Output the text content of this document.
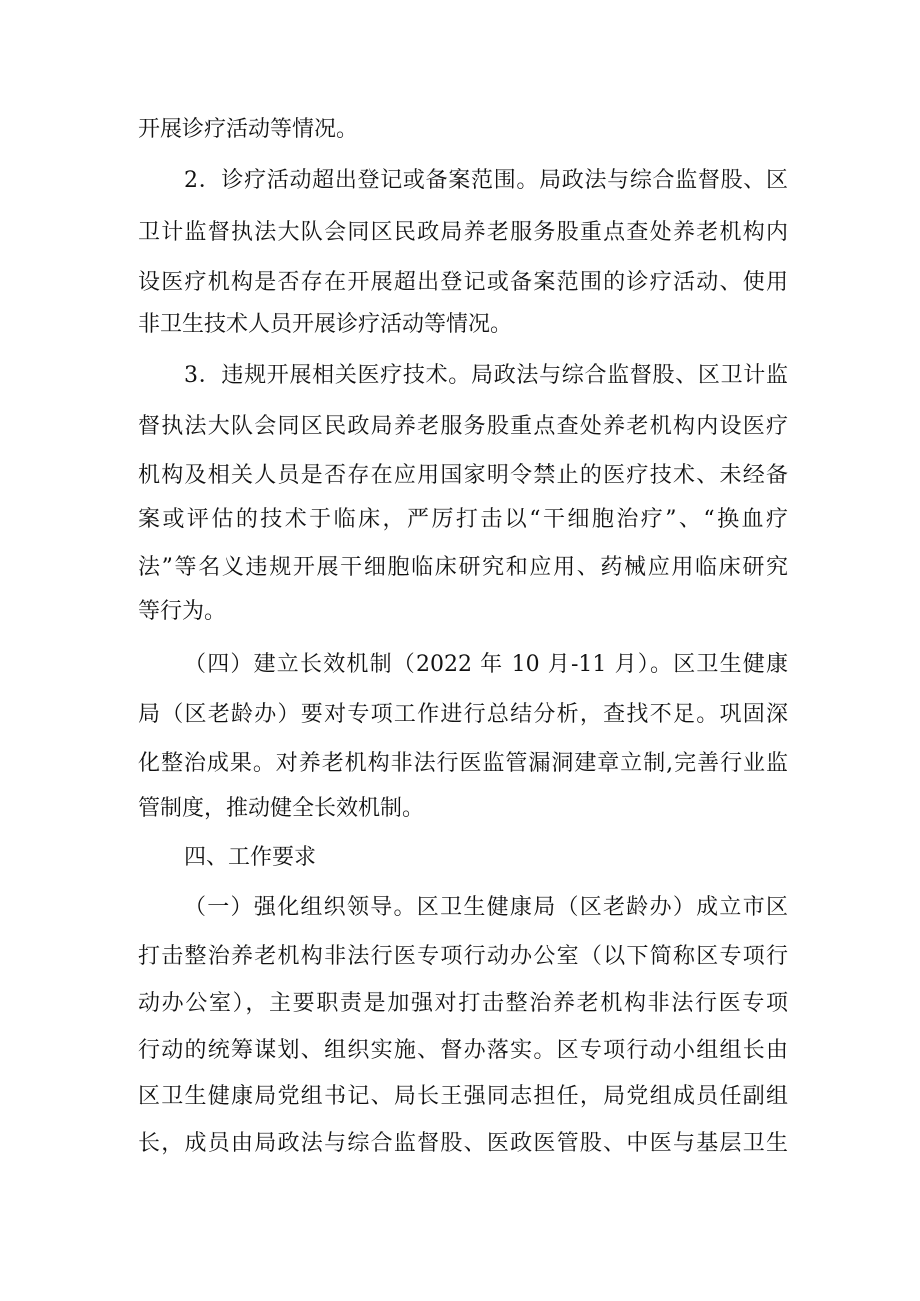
开展诊疗活动等情况。
2．诊疗活动超出登记或备案范围。局政法与综合监督股、区
卫计监督执法大队会同区民政局养老服务股重点查处养老机构内
设医疗机构是否存在开展超出登记或备案范围的诊疗活动、使用
非卫生技术人员开展诊疗活动等情况。
3．违规开展相关医疗技术。局政法与综合监督股、区卫计监
督执法大队会同区民政局养老服务股重点查处养老机构内设医疗
机构及相关人员是否存在应用国家明令禁止的医疗技术、未经备
案或评估的技术于临床，严厉打击以“干细胞治疗”、“换血疗
法”等名义违规开展干细胞临床研究和应用、药械应用临床研究
等行为。
（四）建立长效机制（2022 年 10 月-11 月）。区卫生健康
局（区老龄办）要对专项工作进行总结分析，查找不足。巩固深
化整治成果。对养老机构非法行医监管漏洞建章立制,完善行业监
管制度，推动健全长效机制。
四、工作要求
（一）强化组织领导。区卫生健康局（区老龄办）成立市区
打击整治养老机构非法行医专项行动办公室（以下简称区专项行
动办公室），主要职责是加强对打击整治养老机构非法行医专项
行动的统筹谋划、组织实施、督办落实。区专项行动小组组长由
区卫生健康局党组书记、局长王强同志担任，局党组成员任副组
长，成员由局政法与综合监督股、医政医管股、中医与基层卫生
